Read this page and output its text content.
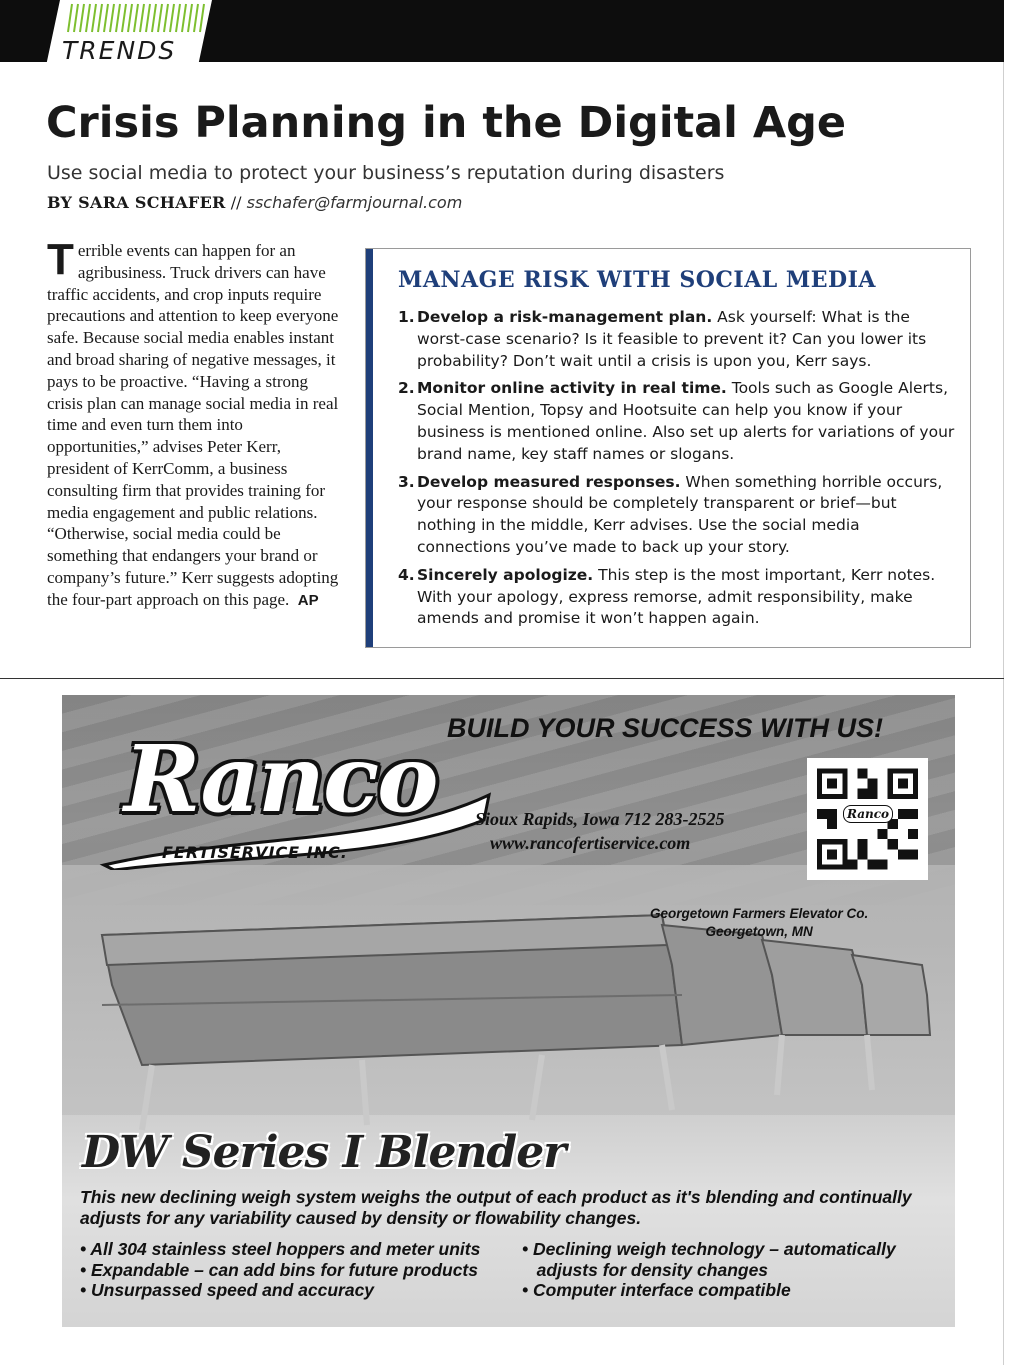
TRENDS
Crisis Planning in the Digital Age
Use social media to protect your business’s reputation during disasters
BY SARA SCHAFER // sschafer@farmjournal.com

Terrible events can happen for an agribusiness. Truck drivers can have traffic accidents, and crop inputs require precautions and attention to keep everyone safe. Because social media enables instant and broad sharing of negative messages, it pays to be proactive. “Having a strong crisis plan can manage social media in real time and even turn them into opportunities,” advises Peter Kerr, president of KerrComm, a business consulting firm that provides training for media engagement and public relations. “Otherwise, social media could be something that endangers your brand or company’s future.” Kerr suggests adopting the four-part approach on this page. AP

MANAGE RISK WITH SOCIAL MEDIA
1. Develop a risk-management plan. Ask yourself: What is the worst-case scenario? Is it feasible to prevent it? Can you lower its probability? Don’t wait until a crisis is upon you, Kerr says.
2. Monitor online activity in real time. Tools such as Google Alerts, Social Mention, Topsy and Hootsuite can help you know if your business is mentioned online. Also set up alerts for variations of your brand name, key staff names or slogans.
3. Develop measured responses. When something horrible occurs, your response should be completely transparent or brief—but nothing in the middle, Kerr advises. Use the social media connections you’ve made to back up your story.
4. Sincerely apologize. This step is the most important, Kerr notes. With your apology, express remorse, admit responsibility, make amends and promise it won’t happen again.
BUILD YOUR SUCCESS WITH US!
Ranco
FERTISERVICE INC.
Sioux Rapids, Iowa 712 283-2525
www.rancofertiservice.com
Ranco
Georgetown Farmers Elevator Co.
Georgetown, MN
DW Series I Blender
This new declining weigh system weighs the output of each product as it's blending and continually adjusts for any variability caused by density or flowability changes.
• All 304 stainless steel hoppers and meter units
• Expandable – can add bins for future products
• Unsurpassed speed and accuracy
• Declining weigh technology – automatically
adjusts for density changes
• Computer interface compatible
